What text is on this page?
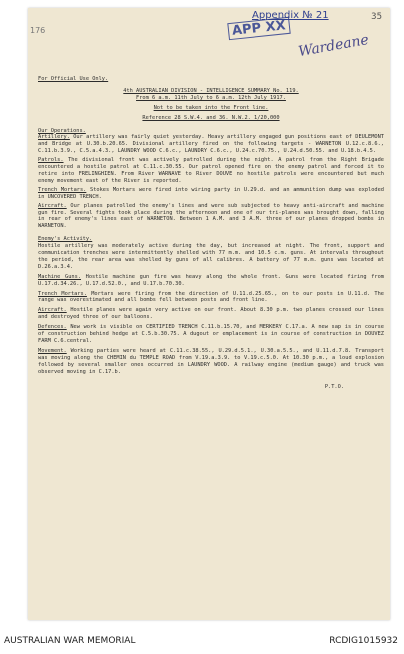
35
176
Appendix № 21
APP XX
Wardeane
For Official Use Only.
4th AUSTRALIAN DIVISION - INTELLIGENCE SUMMARY No. 119.
From 6 a.m. 11th July to 6 a.m. 12th July 1917.
Not to be taken into the Front line.
Reference 28 S.W.4. and 36. N.W.2. 1/20,000
Our Operations.

Artillery. Our artillery was fairly quiet yesterday. Heavy artillery engaged gun positions east of DEULEMONT and Bridge at U.30.b.20.65. Divisional artillery fired on the following targets - WARNETON U.12.c.8.6., C.11.b.3.9., C.5.a.4.3., LAUNDRY WOOD C.6.c., LAUNDRY C.6.c., U.24.c.70.75., U.24.d.50.55. and U.18.b.4.5.

Patrols. The divisional front was actively patrolled during the night. A patrol from the Right Brigade encountered a hostile patrol at C.11.c.30.55. Our patrol opened fire on the enemy patrol and forced it to retire into FRELINGHIEN. From River WARNAVE to River DOUVE no hostile patrols were encountered but much enemy movement east of the River is reported.

Trench Mortars. Stokes Mortars were fired into wiring party in U.29.d. and an ammunition dump was exploded in UNCOVERED TRENCH.

Aircraft. Our planes patrolled the enemy's lines and were sub subjected to heavy anti-aircraft and machine gun fire. Several fights took place during the afternoon and one of our tri-planes was brought down, falling in rear of enemy's lines east of WARNETON. Between 1 A.M. and 3 A.M. three of our planes dropped bombs in WARNETON.

Enemy's Activity.

Hostile artillery was moderately active during the day, but increased at night. The front, support and communication trenches were intermittently shelled with 77 m.m. and 10.5 c.m. guns. At intervals throughout the period, the rear area was shelled by guns of all calibres. A battery of 77 m.m. guns was located at D.26.a.3.4.

Machine Guns. Hostile machine gun fire was heavy along the whole front. Guns were located firing from U.17.d.34.26., U.17.d.52.0., and U.17.b.70.30.

Trench Mortars. Mortars were firing from the direction of U.11.d.25.65., on to our posts in U.11.d. The range was overestimated and all bombs fell between posts and front line.

Aircraft. Hostile planes were again very active on our front. About 8.30 p.m. two planes crossed our lines and destroyed three of our balloons.

Defences. New work is visible on CERTIFIED TRENCH C.11.b.15.70, and MERKERY C.17.a. A new sap is in course of construction behind hedge at C.5.b.30.75. A dugout or emplacement is in course of construction in DOUVEZ FARM C.6.central.

Movement. Working parties were heard at C.11.c.38.55., U.29.d.5.1., U.30.a.5.5., and U.11.d.7.8. Transport was moving along the CHEMIN du TEMPLE ROAD from V.19.a.3.9. to V.19.c.5.0. At 10.30 p.m., a loud explosion followed by several smaller ones occurred in LAUNDRY WOOD. A railway engine (medium gauge) and truck was observed moving in C.17.b.

P.T.O.
AUSTRALIAN WAR MEMORIAL	RCDIG1015932
